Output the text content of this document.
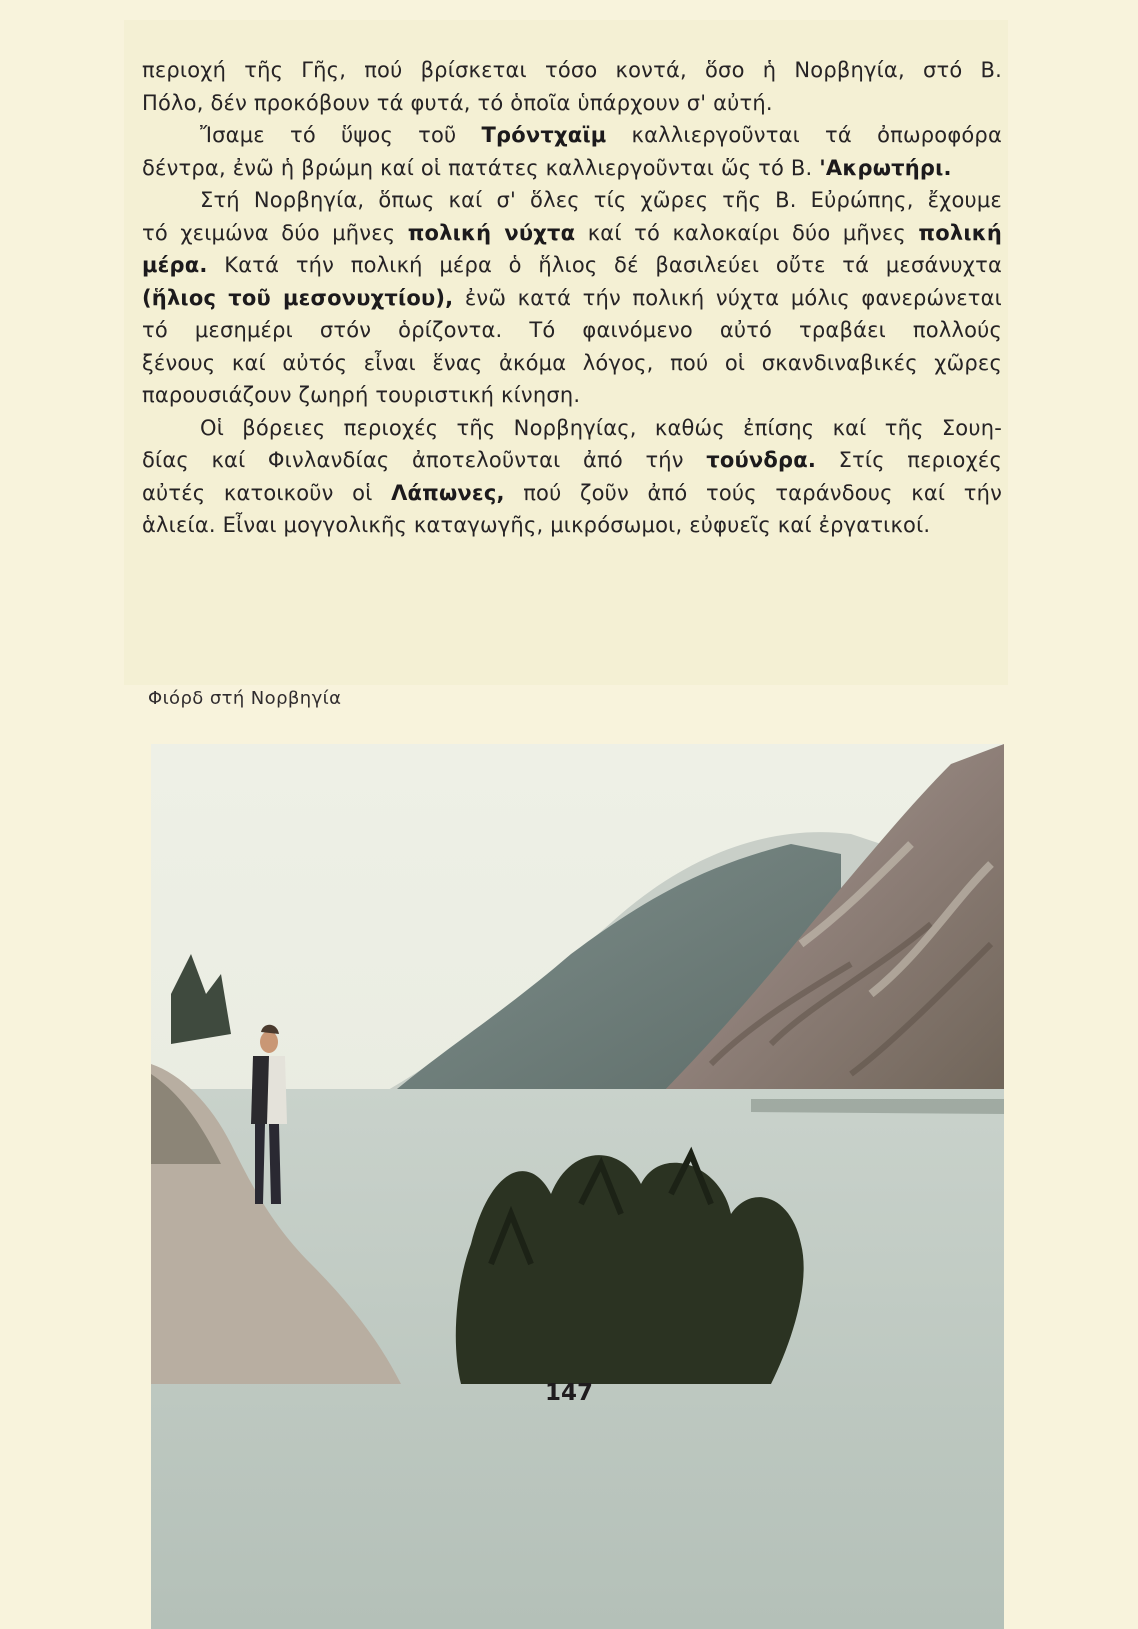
περιοχή τῆς Γῆς, πού βρίσκεται τόσο κοντά, ὅσο ἡ Νορβηγία, στό Β.

Πόλο, δέν προκόβουν τά φυτά, τό ὁποῖα ὑπάρχουν σ' αὐτή.

Ἴσαμε τό ὕψος τοῦ Τρόντχαϊμ καλλιεργοῦνται τά ὀπωροφόρα

δέντρα, ἐνῶ ἡ βρώμη καί οἱ πατάτες καλλιεργοῦνται ὥς τό Β. 'Ακρωτήρι.

Στή Νορβηγία, ὅπως καί σ' ὅλες τίς χῶρες τῆς Β. Εὐρώπης, ἔχουμε

τό χειμώνα δύο μῆνες πολική νύχτα καί τό καλοκαίρι δύο μῆνες πολική

μέρα. Κατά τήν πολική μέρα ὁ ἥλιος δέ βασιλεύει οὔτε τά μεσάνυχτα

(ἥλιος τοῦ μεσονυχτίου), ἐνῶ κατά τήν πολική νύχτα μόλις φανερώνεται

τό μεσημέρι στόν ὁρίζοντα. Τό φαινόμενο αὐτό τραβάει πολλούς

ξένους καί αὐτός εἶναι ἕνας ἀκόμα λόγος, πού οἱ σκανδιναβικές χῶρες

παρουσιάζουν ζωηρή τουριστική κίνηση.

Οἱ βόρειες περιοχές τῆς Νορβηγίας, καθώς ἐπίσης καί τῆς Σουη-

δίας καί Φινλανδίας ἀποτελοῦνται ἀπό τήν τούνδρα. Στίς περιοχές

αὐτές κατοικοῦν οἱ Λάπωνες, πού ζοῦν ἀπό τούς ταράνδους καί τήν

ἁλιεία. Εἶναι μογγολικῆς καταγωγῆς, μικρόσωμοι, εὐφυεῖς καί ἐργατικοί.

Φιόρδ στή Νορβηγία
147
